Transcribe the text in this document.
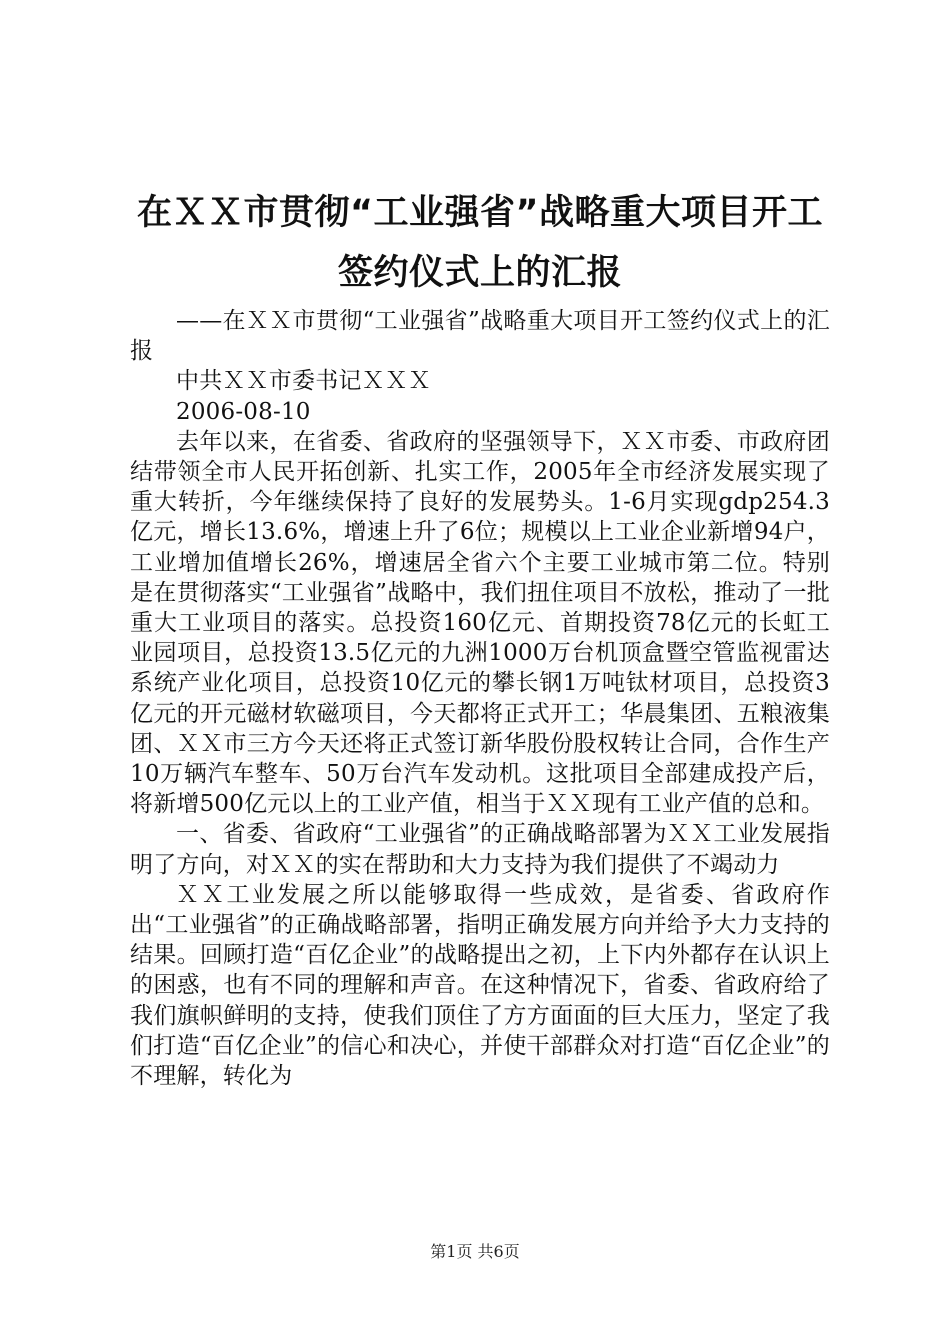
在ＸＸ市贯彻“工业强省”战略重大项目开工
签约仪式上的汇报

——在ＸＸ市贯彻“工业强省”战略重大项目开工签约仪式上的汇报

中共ＸＸ市委书记ＸＸＸ

2006-08-10

去年以来，在省委、省政府的坚强领导下，ＸＸ市委、市政府团结带领全市人民开拓创新、扎实工作，2005年全市经济发展实现了重大转折，今年继续保持了良好的发展势头。1-6月实现gdp254.3亿元，增长13.6%，增速上升了6位；规模以上工业企业新增94户，工业增加值增长26%，增速居全省六个主要工业城市第二位。特别是在贯彻落实“工业强省”战略中，我们扭住项目不放松，推动了一批重大工业项目的落实。总投资160亿元、首期投资78亿元的长虹工业园项目，总投资13.5亿元的九洲1000万台机顶盒暨空管监视雷达系统产业化项目，总投资10亿元的攀长钢1万吨钛材项目，总投资3亿元的开元磁材软磁项目，今天都将正式开工；华晨集团、五粮液集团、ＸＸ市三方今天还将正式签订新华股份股权转让合同，合作生产10万辆汽车整车、50万台汽车发动机。这批项目全部建成投产后，将新增500亿元以上的工业产值，相当于ＸＸ现有工业产值的总和。

一、省委、省政府“工业强省”的正确战略部署为ＸＸ工业发展指明了方向，对ＸＸ的实在帮助和大力支持为我们提供了不竭动力

ＸＸ工业发展之所以能够取得一些成效，是省委、省政府作出“工业强省”的正确战略部署，指明正确发展方向并给予大力支持的结果。回顾打造“百亿企业”的战略提出之初，上下内外都存在认识上的困惑，也有不同的理解和声音。在这种情况下，省委、省政府给了我们旗帜鲜明的支持，使我们顶住了方方面面的巨大压力，坚定了我们打造“百亿企业”的信心和决心，并使干部群众对打造“百亿企业”的不理解，转化为

第1页 共6页
